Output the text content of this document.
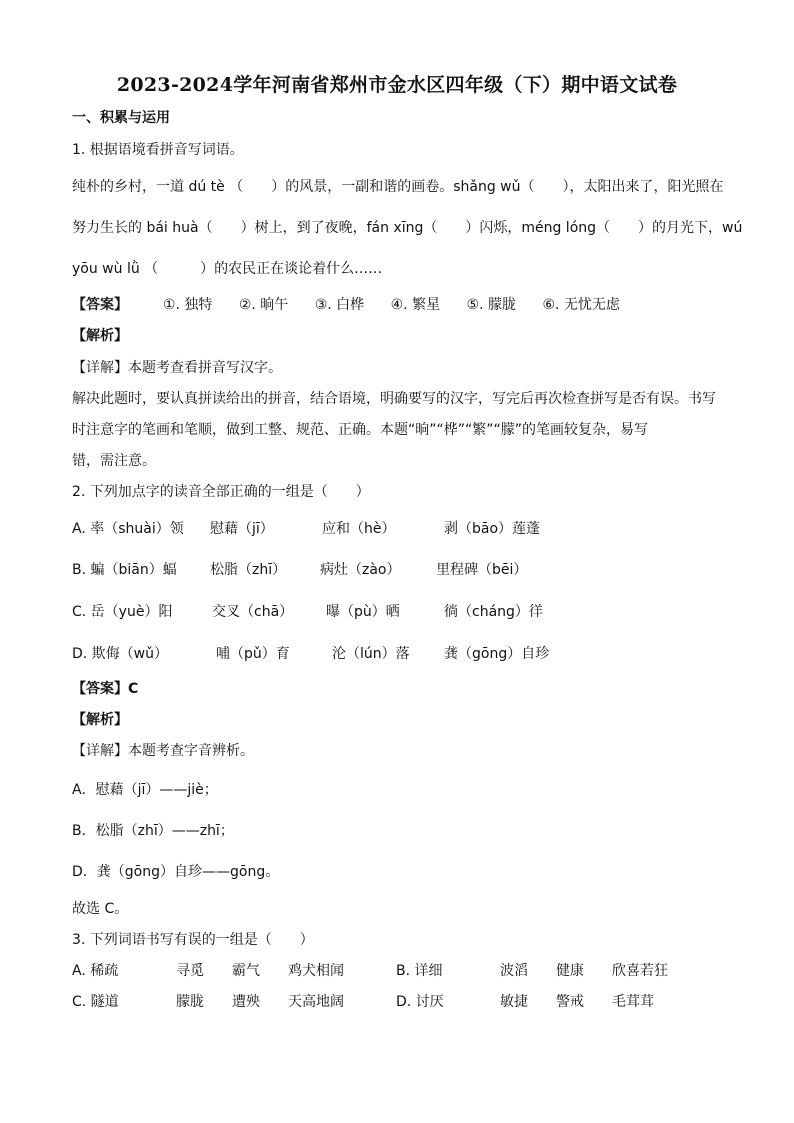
2023-2024学年河南省郑州市金水区四年级（下）期中语文试卷
一、积累与运用
1. 根据语境看拼音写词语。
纯朴的乡村，一道 dú tè （　　）的风景，一副和谐的画卷。shǎng wǔ（　　），太阳出来了，阳光照在
努力生长的 bái huà（　　）树上，到了夜晚，fán xīng（　　）闪烁，méng lóng（　　）的月光下，wú
yōu wù lǜ （　　　）的农民正在谈论着什么……
【答案】 ①. 独特 ②. 晌午 ③. 白桦 ④. 繁星 ⑤. 朦胧 ⑥. 无忧无虑
【解析】
【详解】本题考查看拼音写汉字。
解决此题时，要认真拼读给出的拼音，结合语境，明确要写的汉字，写完后再次检查拼写是否有误。书写
时注意字的笔画和笔顺，做到工整、规范、正确。本题“晌”“桦”“繁”“朦”的笔画较复杂，易写
错，需注意。
2. 下列加点字的读音全部正确的一组是（　　）
A. 率（shuài）领 慰藉（jī）	应和（hè）	剥（bāo）莲蓬
B. 蝙（biān）蝠 松脂（zhī） 病灶（zào）	里程碑（bēi）
C. 岳（yuè）阳	交叉（chā） 曝（pù）晒	徜（cháng）徉
D. 欺侮（wǔ）	哺（pǔ）育	沦（lún）落 龚（gōng）自珍
【答案】C
【解析】
【详解】本题考查字音辨析。
A．慰藉（jī）——jiè；
B．松脂（zhī）——zhī；
D．龚（gōng）自珍——gōng。
故选 C。
3. 下列词语书写有误的一组是（　　）
A. 稀疏	寻觅 霸气 鸡犬相闻	B. 详细	波滔 健康 欣喜若狂
C. 隧道	朦胧 遭殃 天高地阔	D. 讨厌	敏捷 警戒 毛茸茸
